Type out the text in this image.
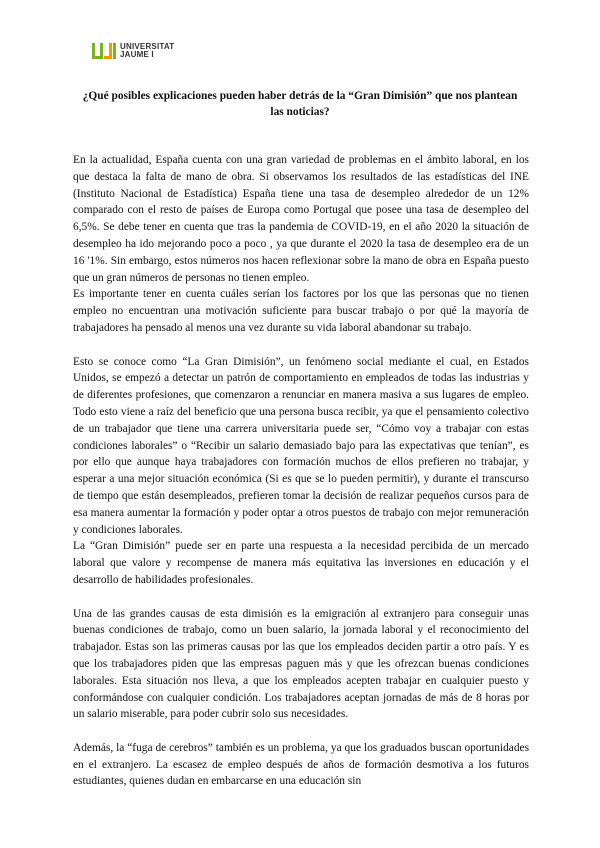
UNIVERSITAT
JAUME I
¿Qué posibles explicaciones pueden haber detrás de la “Gran Dimisión” que nos plantean las noticias?

En la actualidad, España cuenta con una gran variedad de problemas en el ámbito laboral, en los que destaca la falta de mano de obra. Si observamos los resultados de las estadísticas del INE (Instituto Nacional de Estadística) España tiene una tasa de desempleo alrededor de un 12% comparado con el resto de países de Europa como Portugal que posee una tasa de desempleo del 6,5%. Se debe tener en cuenta que tras la pandemia de COVID-19, en el año 2020 la situación de desempleo ha ido mejorando poco a poco , ya que durante el 2020 la tasa de desempleo era de un 16 '1%. Sin embargo, estos números nos hacen reflexionar sobre la mano de obra en España puesto que un gran números de personas no tienen empleo.

Es importante tener en cuenta cuáles serían los factores por los que las personas que no tienen empleo no encuentran una motivación suficiente para buscar trabajo o por qué la mayoría de trabajadores ha pensado al menos una vez durante su vida laboral abandonar su trabajo.

Esto se conoce como “La Gran Dimisión”, un fenómeno social mediante el cual, en Estados Unidos, se empezó a detectar un patrón de comportamiento en empleados de todas las industrias y de diferentes profesiones, que comenzaron a renunciar en manera masiva a sus lugares de empleo. Todo esto viene a raíz del beneficio que una persona busca recibir, ya que el pensamiento colectivo de un trabajador que tiene una carrera universitaria puede ser, “Cómo voy a trabajar con estas condiciones laborales” o “Recibir un salario demasiado bajo para las expectativas que tenían”, es por ello que aunque haya trabajadores con formación muchos de ellos prefieren no trabajar, y esperar a una mejor situación económica (Si es que se lo pueden permitir), y durante el transcurso de tiempo que están desempleados, prefieren tomar la decisión de realizar pequeños cursos para de esa manera aumentar la formación y poder optar a otros puestos de trabajo con mejor remuneración y condiciones laborales.

La “Gran Dimisión” puede ser en parte una respuesta a la necesidad percibida de un mercado laboral que valore y recompense de manera más equitativa las inversiones en educación y el desarrollo de habilidades profesionales.

Una de las grandes causas de esta dimisión es la emigración al extranjero para conseguir unas buenas condiciones de trabajo, como un buen salario, la jornada laboral y el reconocimiento del trabajador. Estas son las primeras causas por las que los empleados deciden partir a otro país. Y es que los trabajadores piden que las empresas paguen más y que les ofrezcan buenas condiciones laborales. Esta situación nos lleva, a que los empleados acepten trabajar en cualquier puesto y conformándose con cualquier condición. Los trabajadores aceptan jornadas de más de 8 horas por un salario miserable, para poder cubrir solo sus necesidades.

Además, la “fuga de cerebros” también es un problema, ya que los graduados buscan oportunidades en el extranjero. La escasez de empleo después de años de formación desmotiva a los futuros estudiantes, quienes dudan en embarcarse en una educación sin
